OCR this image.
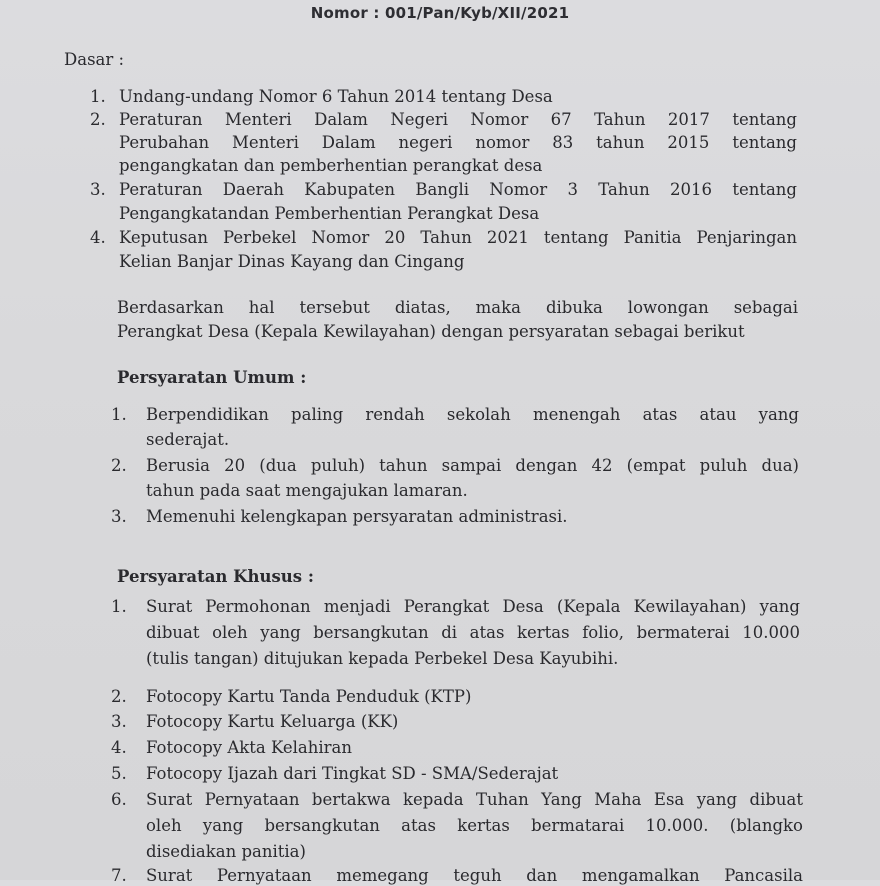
Nomor : 001/Pan/Kyb/XII/2021
Dasar :
1. Undang-undang Nomor 6 Tahun 2014 tentang Desa
2. Peraturan Menteri Dalam Negeri Nomor 67 Tahun 2017 tentang
Perubahan Menteri Dalam negeri nomor 83 tahun 2015 tentang
pengangkatan dan pemberhentian perangkat desa
3. Peraturan Daerah Kabupaten Bangli Nomor 3 Tahun 2016 tentang
Pengangkatandan Pemberhentian Perangkat Desa
4. Keputusan Perbekel Nomor 20 Tahun 2021 tentang Panitia Penjaringan
Kelian Banjar Dinas Kayang dan Cingang
Berdasarkan hal tersebut diatas, maka dibuka lowongan sebagai
Perangkat Desa (Kepala Kewilayahan) dengan persyaratan sebagai berikut
Persyaratan Umum :
1. Berpendidikan paling rendah sekolah menengah atas atau yang
sederajat.
2. Berusia 20 (dua puluh) tahun sampai dengan 42 (empat puluh dua)
tahun pada saat mengajukan lamaran.
3. Memenuhi kelengkapan persyaratan administrasi.
Persyaratan Khusus :
1. Surat Permohonan menjadi Perangkat Desa (Kepala Kewilayahan) yang
dibuat oleh yang bersangkutan di atas kertas folio, bermaterai 10.000
(tulis tangan) ditujukan kepada Perbekel Desa Kayubihi.
2. Fotocopy Kartu Tanda Penduduk (KTP)
3. Fotocopy Kartu Keluarga (KK)
4. Fotocopy Akta Kelahiran
5. Fotocopy Ijazah dari Tingkat SD - SMA/Sederajat
6. Surat Pernyataan bertakwa kepada Tuhan Yang Maha Esa yang dibuat
oleh yang bersangkutan atas kertas bermatarai 10.000. (blangko
disediakan panitia)
7. Surat Pernyataan memegang teguh dan mengamalkan Pancasila
